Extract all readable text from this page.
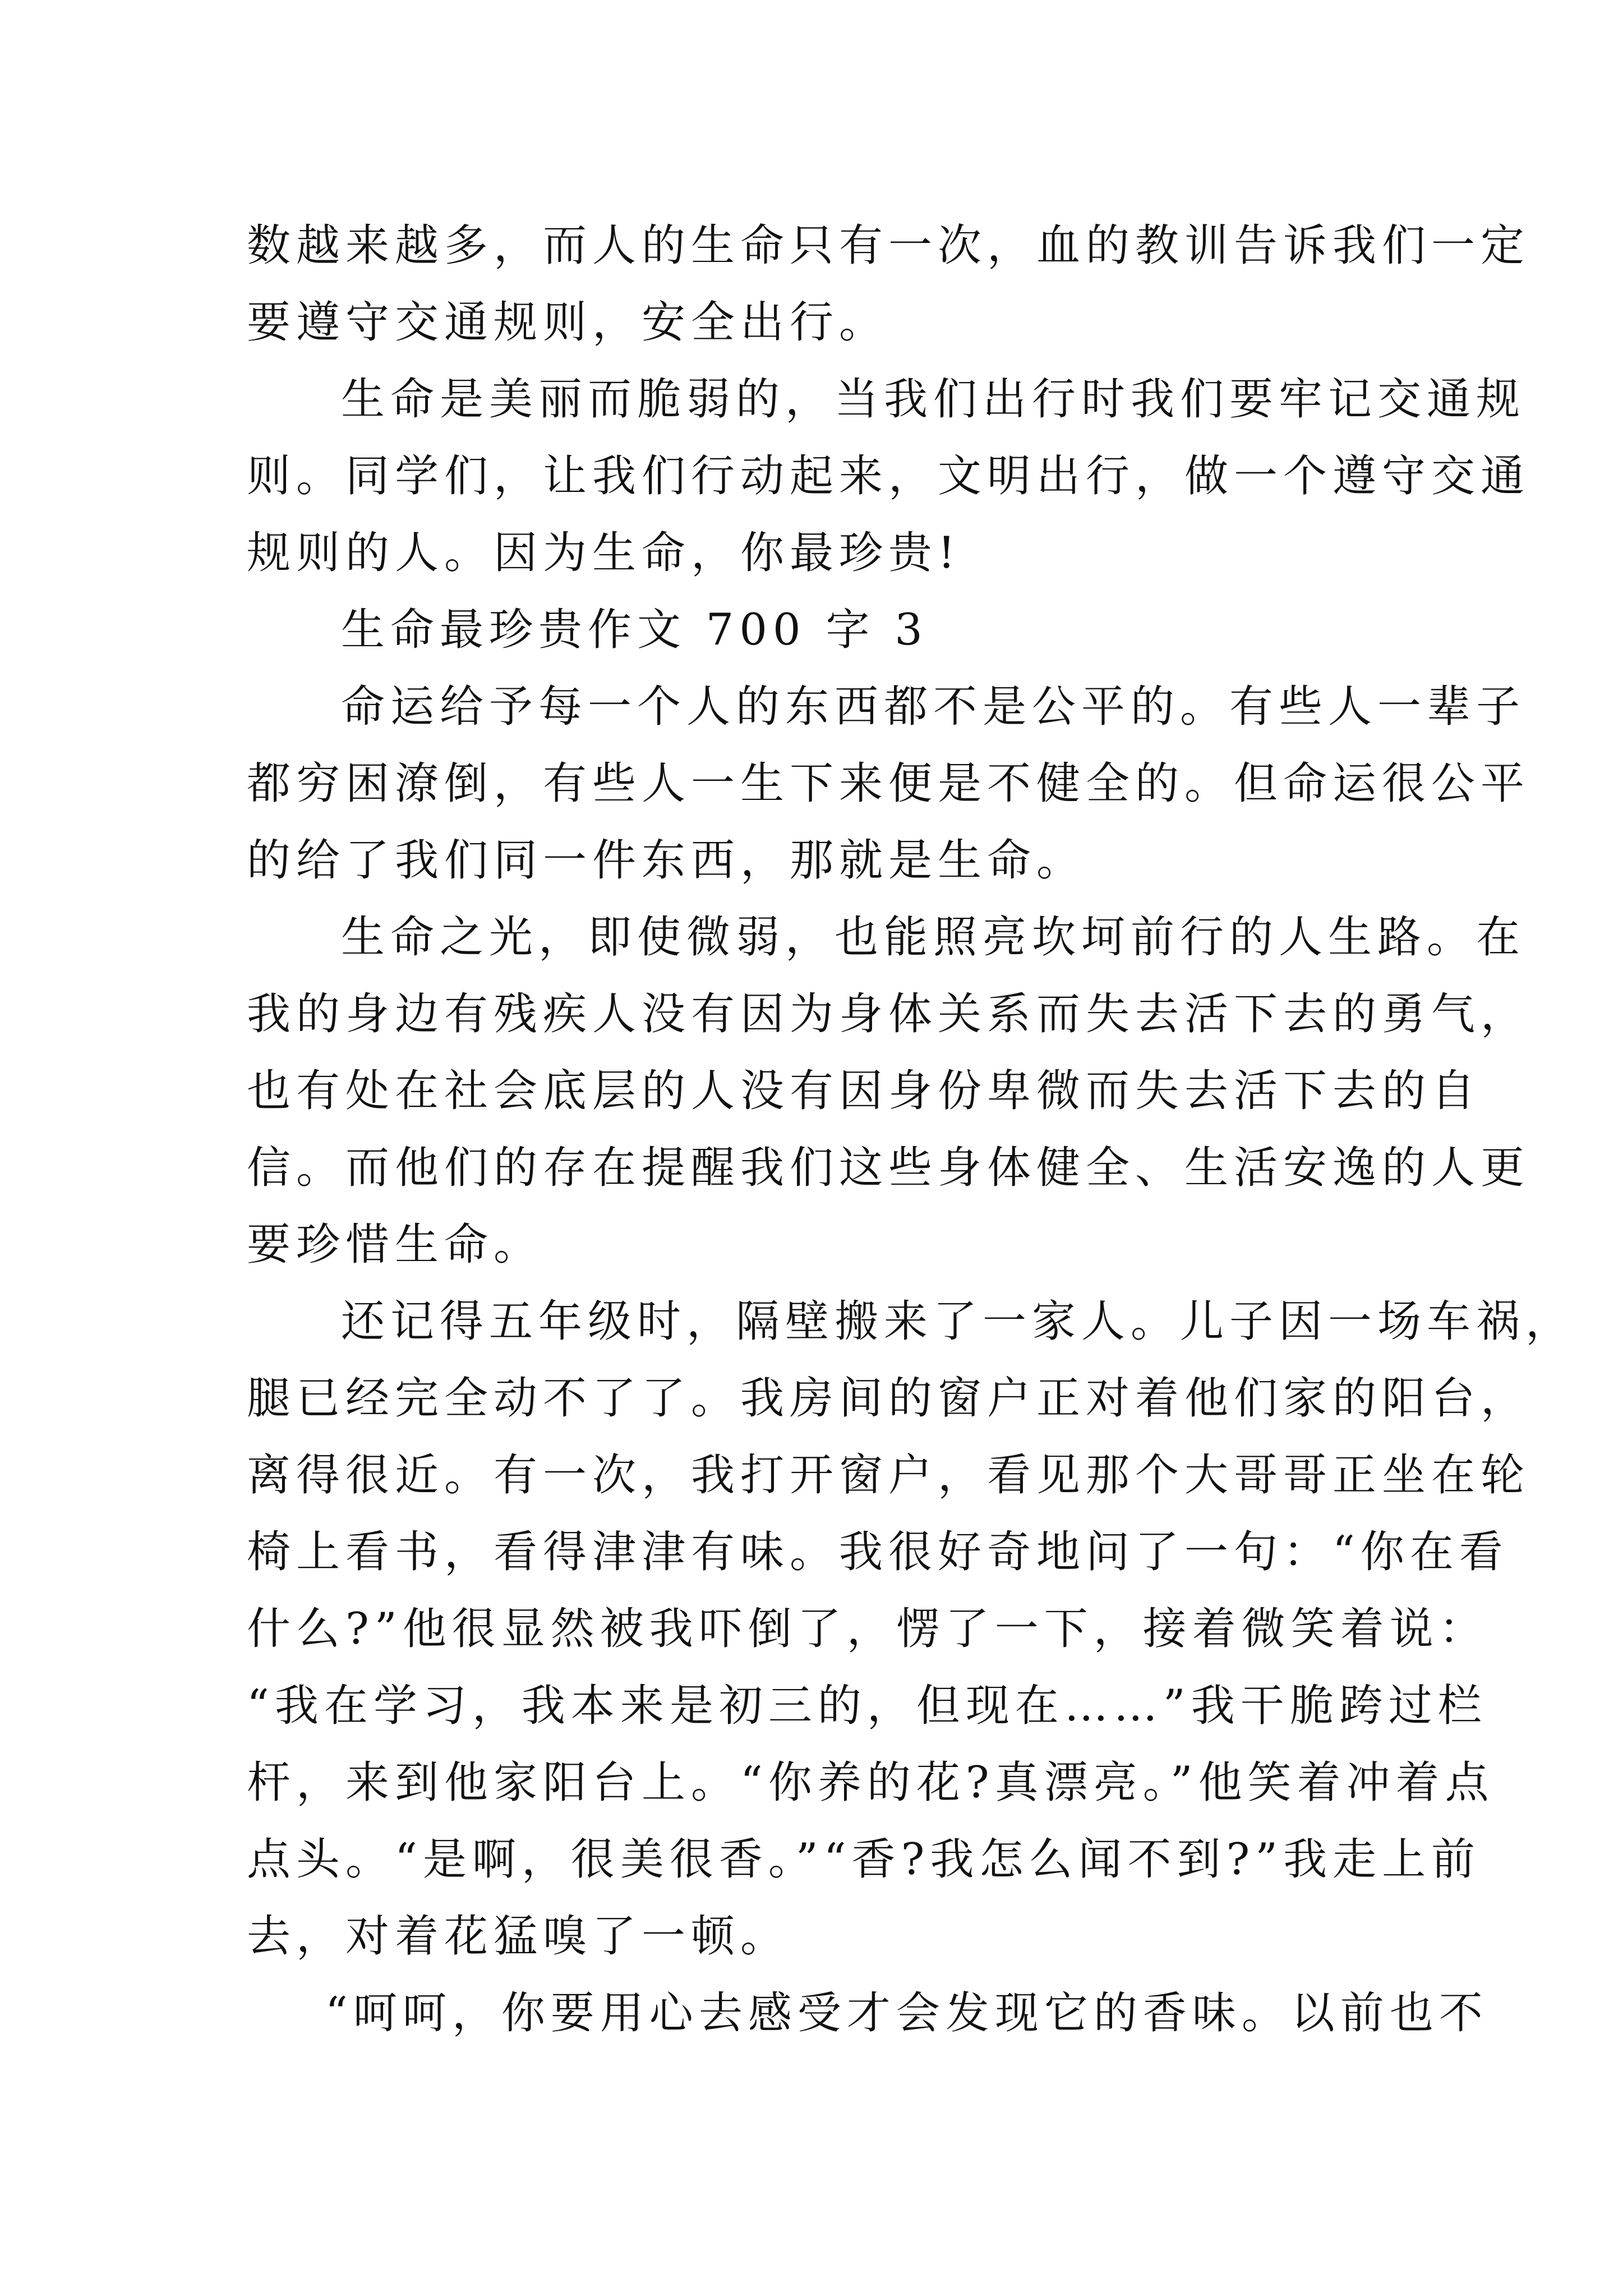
数越来越多，而人的生命只有一次，血的教训告诉我们一定
要遵守交通规则，安全出行。
生命是美丽而脆弱的，当我们出行时我们要牢记交通规
则。同学们，让我们行动起来，文明出行，做一个遵守交通
规则的人。因为生命，你最珍贵!
生命最珍贵作文 700 字 3
命运给予每一个人的东西都不是公平的。有些人一辈子
都穷困潦倒，有些人一生下来便是不健全的。但命运很公平
的给了我们同一件东西，那就是生命。
生命之光，即使微弱，也能照亮坎坷前行的人生路。在
我的身边有残疾人没有因为身体关系而失去活下去的勇气，
也有处在社会底层的人没有因身份卑微而失去活下去的自
信。而他们的存在提醒我们这些身体健全、生活安逸的人更
要珍惜生命。
还记得五年级时，隔壁搬来了一家人。儿子因一场车祸，
腿已经完全动不了了。我房间的窗户正对着他们家的阳台，
离得很近。有一次，我打开窗户，看见那个大哥哥正坐在轮
椅上看书，看得津津有味。我很好奇地问了一句：“你在看
什么?”他很显然被我吓倒了，愣了一下，接着微笑着说：
“我在学习，我本来是初三的，但现在……”我干脆跨过栏
杆，来到他家阳台上。“你养的花?真漂亮。”他笑着冲着点
点头。“是啊，很美很香。”“香?我怎么闻不到?”我走上前
去，对着花猛嗅了一顿。
“呵呵，你要用心去感受才会发现它的香味。以前也不
